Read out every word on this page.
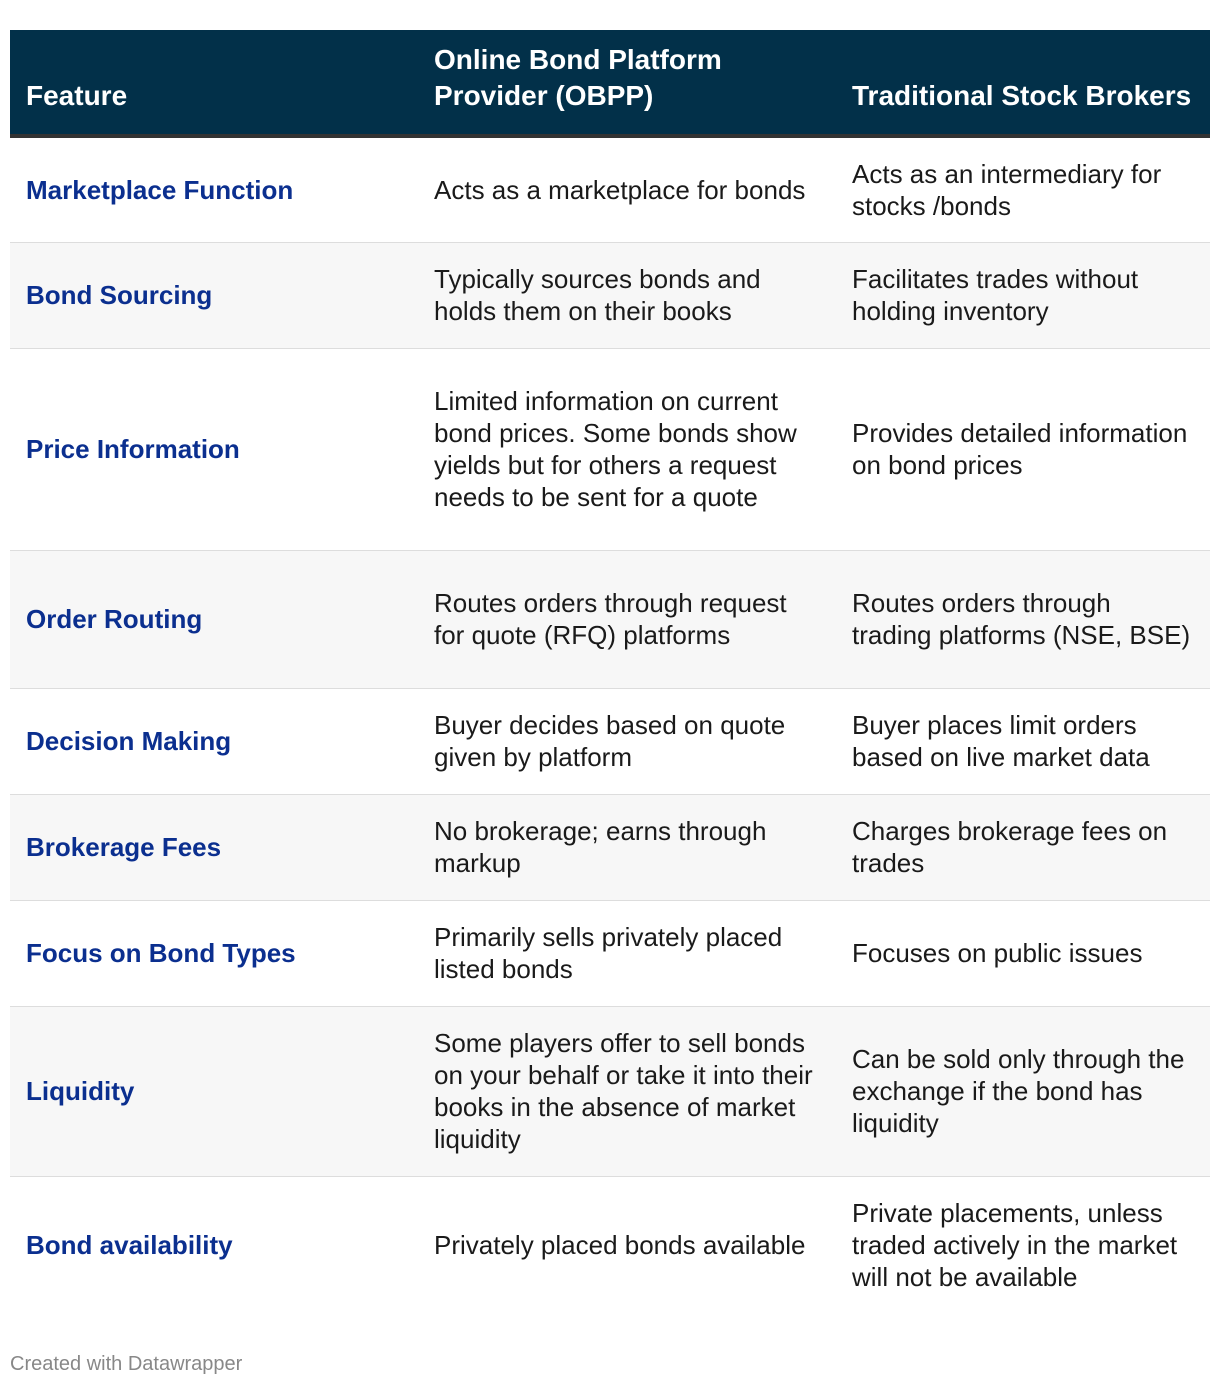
Feature	Online Bond Platform Provider (OBPP)	Traditional Stock Brokers
Marketplace Function	Acts as a marketplace for bonds	Acts as an intermediary for stocks /bonds
Bond Sourcing	Typically sources bonds and holds them on their books	Facilitates trades without holding inventory
Price Information	Limited information on current bond prices. Some bonds show yields but for others a request needs to be sent for a quote	Provides detailed information on bond prices
Order Routing	Routes orders through request for quote (RFQ) platforms	Routes orders through trading platforms (NSE, BSE)
Decision Making	Buyer decides based on quote given by platform	Buyer places limit orders based on live market data
Brokerage Fees	No brokerage; earns through markup	Charges brokerage fees on trades
Focus on Bond Types	Primarily sells privately placed listed bonds	Focuses on public issues
Liquidity	Some players offer to sell bonds on your behalf or take it into their books in the absence of market liquidity	Can be sold only through the exchange if the bond has liquidity
Bond availability	Privately placed bonds available	Private placements, unless traded actively in the market will not be available
Created with Datawrapper
